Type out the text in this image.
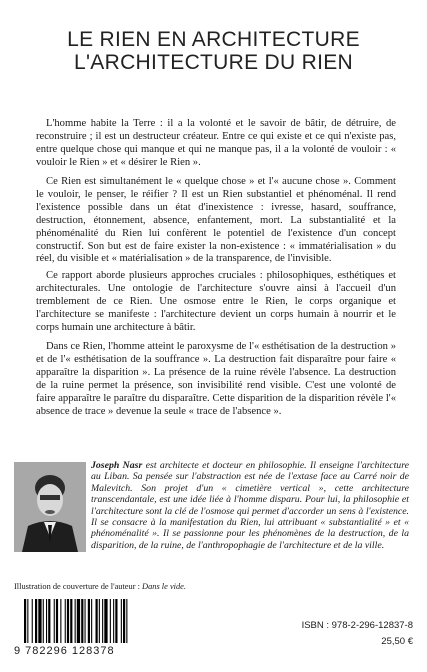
LE RIEN EN ARCHITECTURE
L'ARCHITECTURE DU RIEN

L'homme habite la Terre : il a la volonté et le savoir de bâtir, de détruire, de reconstruire ; il est un destructeur créateur. Entre ce qui existe et ce qui n'existe pas, entre quelque chose qui manque et qui ne manque pas, il a la volonté de vouloir : « vouloir le Rien » et « désirer le Rien ».

Ce Rien est simultanément le « quelque chose » et l'« aucune chose ». Comment le vouloir, le penser, le réifier ? Il est un Rien substantiel et phénoménal. Il rend l'existence possible dans un état d'inexistence : ivresse, hasard, souffrance, destruction, étonnement, absence, enfantement, mort. La substantialité et la phénoménalité du Rien lui confèrent le potentiel de l'existence d'un concept constructif. Son but est de faire exister la non-existence : « immatérialisation » du réel, du visible et « matérialisation » de la transparence, de l'invisible.

Ce rapport aborde plusieurs approches cruciales : philosophiques, esthétiques et architecturales. Une ontologie de l'architecture s'ouvre ainsi à l'accueil d'un tremblement de ce Rien. Une osmose entre le Rien, le corps organique et l'architecture se manifeste : l'architecture devient un corps humain à nourrir et le corps humain une architecture à bâtir.

Dans ce Rien, l'homme atteint le paroxysme de l'« esthétisation de la destruction » et de l'« esthétisation de la souffrance ». La destruction fait disparaître pour faire « apparaître la disparition ». La présence de la ruine révèle l'absence. La destruction de la ruine permet la présence, son invisibilité rend visible. C'est une volonté de faire apparaître le paraître du disparaître. Cette disparition de la disparition révèle l'« absence de trace » devenue la seule « trace de l'absence ».

Joseph Nasr est architecte et docteur en philosophie. Il enseigne l'architecture au Liban. Sa pensée sur l'abstraction est née de l'extase face au Carré noir de Malevitch. Son projet d'un « cimetière vertical », cette architecture transcendantale, est une idée liée à l'homme disparu. Pour lui, la philosophie et l'architecture sont la clé de l'osmose qui permet d'accorder un sens à l'existence. Il se consacre à la manifestation du Rien, lui attribuant « substantialité » et « phénoménalité ». Il se passionne pour les phénomènes de la destruction, de la disparition, de la ruine, de l'anthropophagie de l'architecture et de la ville.

Illustration de couverture de l'auteur : Dans le vide.
9 782296 128378
ISBN : 978-2-296-12837-8
25,50 €
